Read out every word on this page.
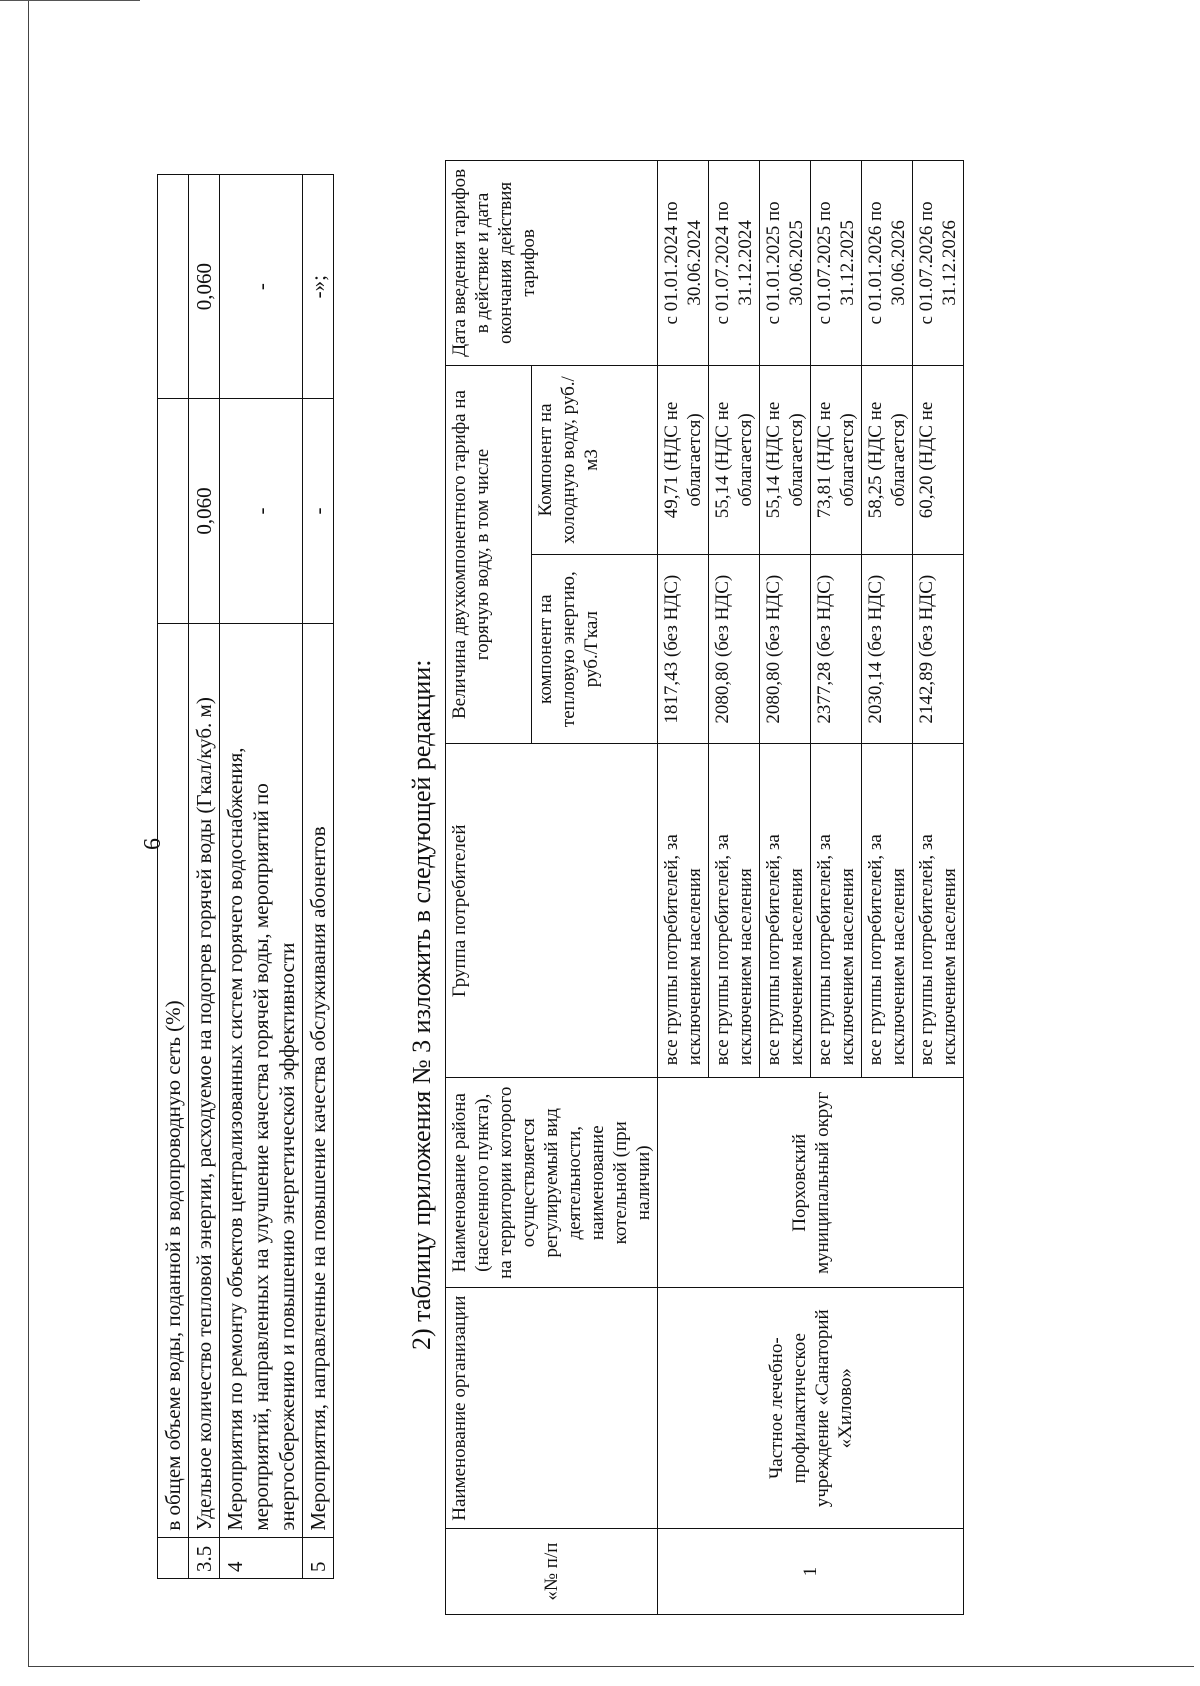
6
	в общем объеме воды, поданной в водопроводную сеть (%)		
3.5	Удельное количество тепловой энергии, расходуемое на подогрев горячей воды (Гкал/куб. м)	0,060	0,060
4	Мероприятия по ремонту объектов централизованных систем горячего водоснабжения, мероприятий, направленных на улучшение качества горячей воды, мероприятий по энергосбережению и повышению энергетической эффективности	-	-
5	Мероприятия, направленные на повышение качества обслуживания абонентов	-	-»;
2) таблицу приложения № 3 изложить в следующей редакции:
«№ п/п	Наименование организации	Наименование района (населенного пункта), на территории которого осуществляется регулируемый вид деятельности, наименование котельной (при наличии)	Группа потребителей	Величина двухкомпонентного тарифа на горячую воду, в том числе		Дата введения тарифов в действие и дата окончания действия тарифов
				компонент на тепловую энергию, руб./Гкал	Компонент на холодную воду, руб./м3	
1	Частное лечебно-профилактическое учреждение «Санаторий «Хилово»	Порховский муниципальный округ	все группы потребителей, за исключением населения	1817,43 (без НДС)	49,71 (НДС не облагается)	с 01.01.2024 по 30.06.2024
			все группы потребителей, за исключением населения	2080,80 (без НДС)	55,14 (НДС не облагается)	с 01.07.2024 по 31.12.2024
			все группы потребителей, за исключением населения	2080,80 (без НДС)	55,14 (НДС не облагается)	с 01.01.2025 по 30.06.2025
			все группы потребителей, за исключением населения	2377,28 (без НДС)	73,81 (НДС не облагается)	с 01.07.2025 по 31.12.2025
			все группы потребителей, за исключением населения	2030,14 (без НДС)	58,25 (НДС не облагается)	с 01.01.2026 по 30.06.2026
			все группы потребителей, за исключением населения	2142,89 (без НДС)	60,20 (НДС не	с 01.07.2026 по 31.12.2026
